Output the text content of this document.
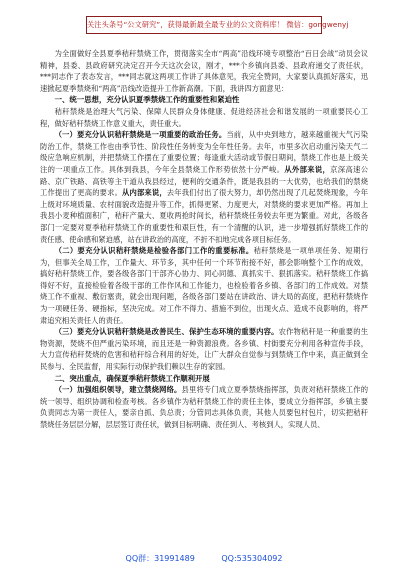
关注头条号“公文研究”，获得最新最全最专业的公文资料库！ 微信：gongwenyj

为全面做好全县夏季秸秆禁烧工作，贯彻落实全市“两高”沿线环境专项整治“百日会战”动员会议精神，县委、县政府研究决定召开今天这次会议，刚才，***个乡镇向县委、县政府递交了责任状，***同志作了表态发言，***同志就这两项工作讲了具体意见，我完全赞同，大家要认真抓好落实，迅速掀起夏季禁烧和“两高”沿线改造提升工作新高潮。下面，我讲四方面意见：

一、统一思想，充分认识夏季禁烧工作的重要性和紧迫性

秸秆禁烧是治理大气污染、保障人民群众身体健康、促进经济社会和谐发展的一项重要民心工程，做好秸秆禁烧工作意义重大，责任重大。

（一）要充分认识秸秆禁烧是一项重要的政治任务。当前，从中央到地方，越来越重视大气污染防治工作，禁烧工作也由季节性、阶段性任务转变为全年性任务。去年，市里多次启动重污染天气二级应急响应机制，并把禁烧工作摆在了重要位置；每逢重大活动或节假日期间，禁烧工作也是上级关注的一项重点工作。具体到我县，今年全县禁烧工作形势依然十分严峻。从外部来说，京深高速公路、京广铁路、高铁等主干道从我县经过，便利的交通条件，既是我县的一大优势，也给我们的禁烧工作提出了更高的要求。从内部来说，去年我们付出了很大努力，却仍然出现了几起焚烧现象，今年上级对环境质量、农村面貌改造提升等工作，抓得更紧、力度更大，对禁烧的要求更加严格。再加上我县小麦种植面积广，秸秆产量大、夏收两抢时间长，秸秆禁烧任务较去年更为繁重。对此，各级各部门一定要对夏季秸秆禁烧工作的重要性和艰巨性，有一个清醒的认识，进一步增强抓好禁烧工作的责任感、使命感和紧迫感，站在讲政治的高度，不折不扣地完成各项目标任务。

（二）要充分认识秸秆禁烧是检验各部门工作的重要标准。秸秆禁烧是一项单项任务、短期行为，但事关全局工作，工作量大、环节多，其中任何一个环节衔接不好，都会影响整个工作的成效，搞好秸秆禁烧工作，要各级各部门干部齐心协力、同心同德、真抓实干、狠抓落实。秸秆禁烧工作搞得好不好，直接检验着各级干部的工作作风和工作能力，也检验着各乡镇、各部门的工作成效。对禁烧工作不重视、敷衍塞责，就会出现问题，各级各部门要站在讲政治、讲大局的高度，把秸秆禁烧作为一项硬任务、硬指标，坚决完成。对工作不得力、措施不到位，出现火点、造成不良影响的，将严肃追究相关责任人的责任。

（三）要充分认识秸秆禁烧是改善民生、保护生态环境的重要内容。农作物秸秆是一种重要的生物资源，焚烧不但严重污染环境，而且还是一种资源浪费。各乡镇、村街要充分利用各种宣传手段，大力宣传秸秆焚烧的危害和秸秆综合利用的好处，让广大群众自觉参与到禁烧工作中来，真正做到全民参与、全民监督，用实际行动保护我们赖以生存的家园。

二、突出重点，确保夏季秸秆禁烧工作顺利开展

（一）加强组织领导，建立禁烧网络。县里将专门成立夏季禁烧指挥部，负责对秸秆禁烧工作的统一领导、组织协调和检查考核。各乡镇作为秸秆禁烧工作的责任主体，要成立分指挥部，乡镇主要负责同志为第一责任人，要亲自抓、负总责；分管同志具体负责，其他人员要包村包片，切实把秸秆禁烧任务层层分解，层层签订责任状，做到目标明确、责任到人、考核到人，实现人员、

QQ群：31991489	QQ:535304092
